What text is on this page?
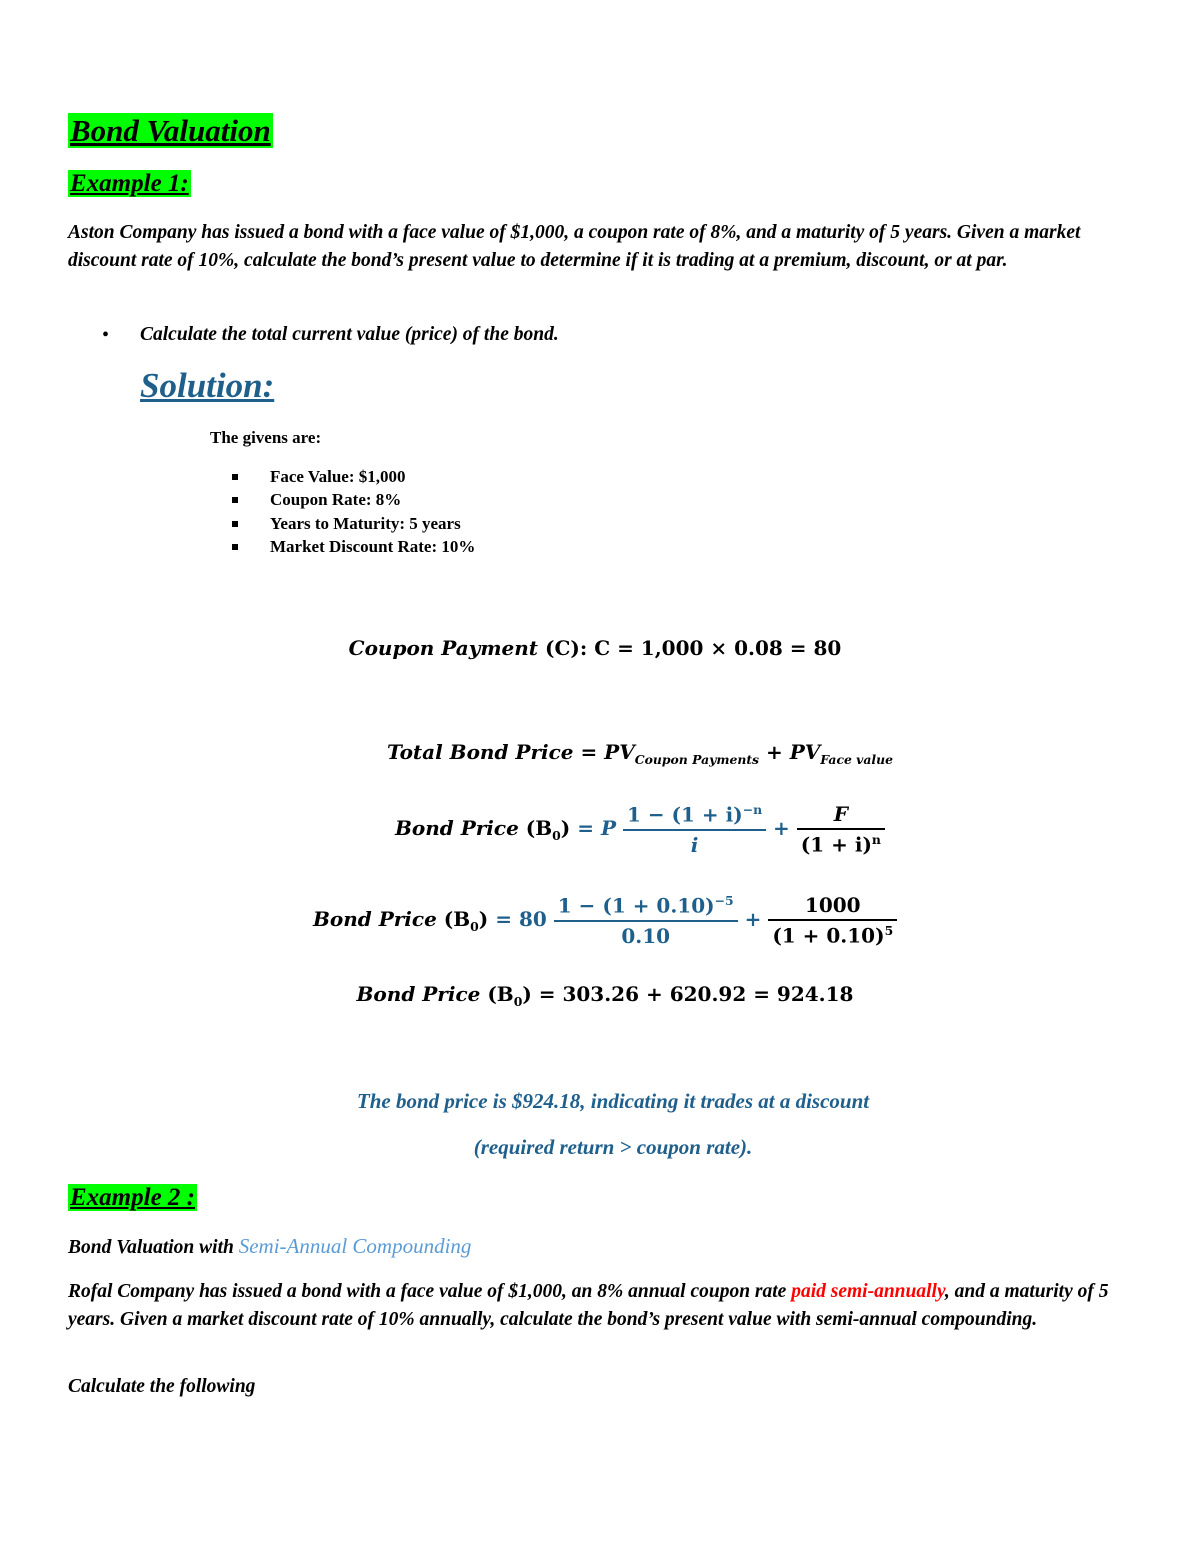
Bond Valuation
Example 1:
Aston Company has issued a bond with a face value of $1,000, a coupon rate of 8%, and a maturity of 5 years. Given a market discount rate of 10%, calculate the bond’s present value to determine if it is trading at a premium, discount, or at par.
• Calculate the total current value (price) of the bond.
Solution:
The givens are:
Face Value: $1,000
Coupon Rate: 8%
Years to Maturity: 5 years
Market Discount Rate: 10%
Coupon Payment (C): C = 1,000 × 0.08 = 80
Total Bond Price = $PV_{Coupon Payments} + PV_{Face value}$
Bond Price $(B_0) = P \frac{1 - (1 + i)^{-n}}{i} + \frac{F}{(1 + i)^n}$
Bond Price $(B_0) = 80 \frac{1 - (1 + 0.10)^{-5}}{0.10} + \frac{1000}{(1 + 0.10)^5}$
Bond Price $(B_0) = 303.26 + 620.92 = 924.18$
The bond price is $924.18, indicating it trades at a discount
(required return > coupon rate).
Example 2 :
Bond Valuation with Semi-Annual Compounding
Rofal Company has issued a bond with a face value of $1,000, an 8% annual coupon rate paid semi-annually, and a maturity of 5 years. Given a market discount rate of 10% annually, calculate the bond’s present value with semi-annual compounding.
Calculate the following
